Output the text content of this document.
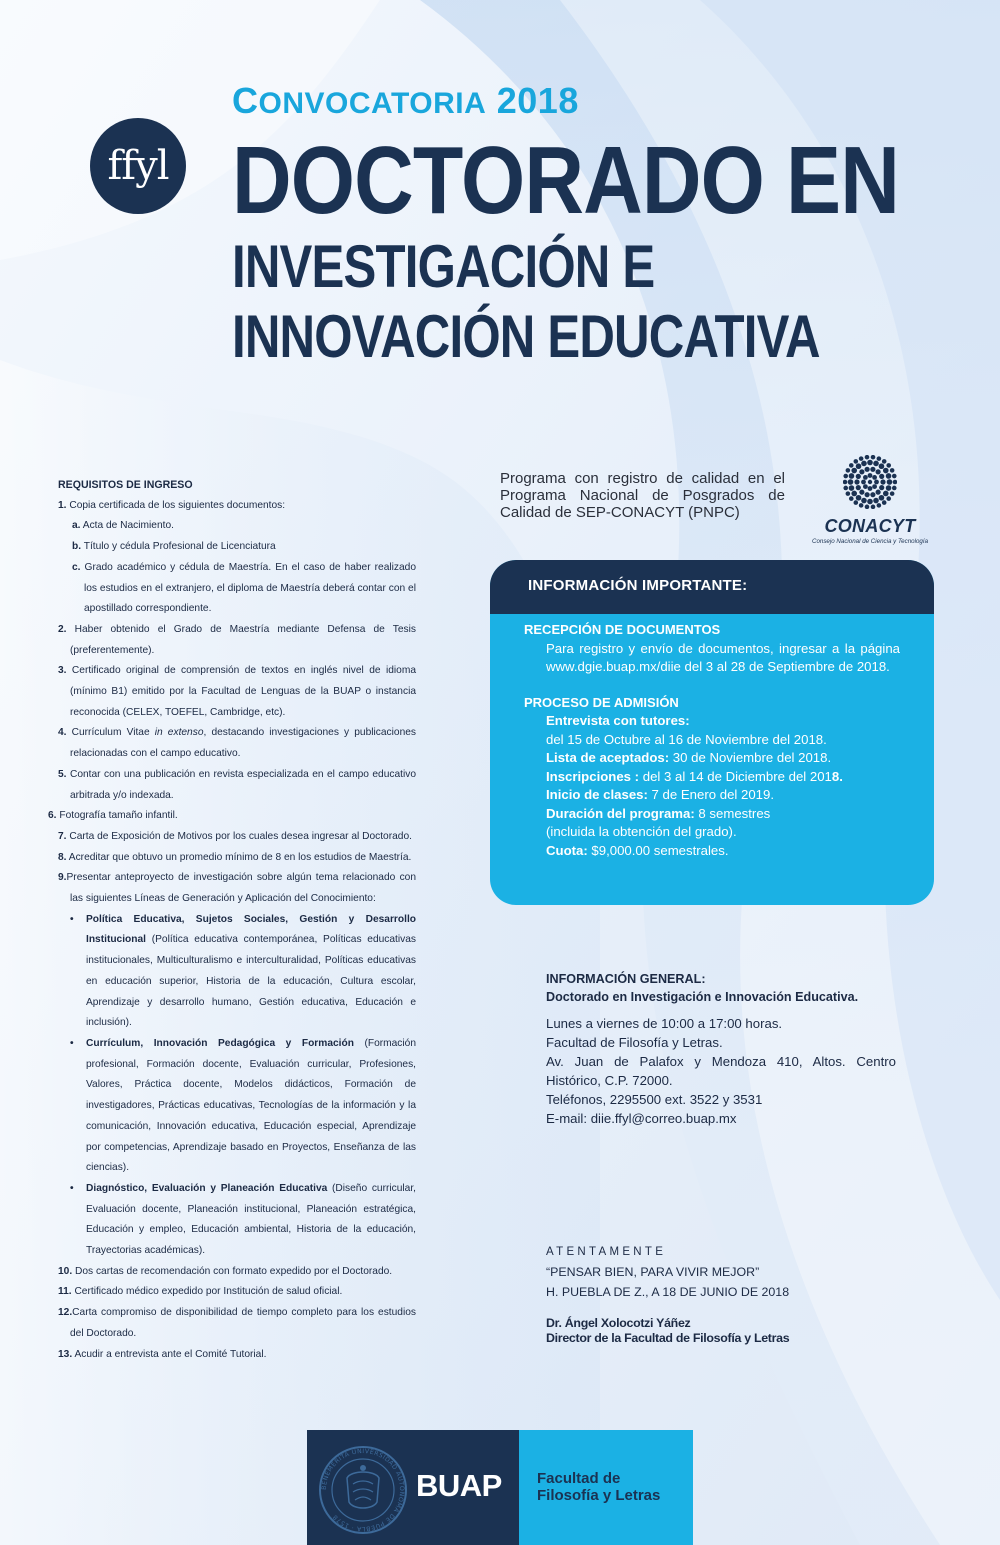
ffyl
CONVOCATORIA 2018
DOCTORADO EN
INVESTIGACIÓN E
INNOVACIÓN EDUCATIVA
REQUISITOS DE INGRESO

1. Copia certificada de los siguientes documentos:

a. Acta de Nacimiento.

b. Título y cédula Profesional de Licenciatura

c. Grado académico y cédula de Maestría. En el caso de haber realizado los estudios en el extranjero, el diploma de Maestría deberá contar con el apostillado correspondiente.

2. Haber obtenido el Grado de Maestría mediante Defensa de Tesis (preferentemente).

3. Certificado original de comprensión de textos en inglés nivel de idioma (mínimo B1) emitido por la Facultad de Lenguas de la BUAP o instancia reconocida (CELEX, TOEFEL, Cambridge, etc).

4. Currículum Vitae in extenso, destacando investigaciones y publicaciones relacionadas con el campo educativo.

5. Contar con una publicación en revista especializada en el campo educativo arbitrada y/o indexada.

6. Fotografía tamaño infantil.

7. Carta de Exposición de Motivos por los cuales desea ingresar al Doctorado.

8. Acreditar que obtuvo un promedio mínimo de 8 en los estudios de Maestría.

9.Presentar anteproyecto de investigación sobre algún tema relacionado con las siguientes Líneas de Generación y Aplicación del Conocimiento:

• Política Educativa, Sujetos Sociales, Gestión y Desarrollo Institucional (Política educativa contemporánea, Políticas educativas institucionales, Multiculturalismo e interculturalidad, Políticas educativas en educación superior, Historia de la educación, Cultura escolar, Aprendizaje y desarrollo humano, Gestión educativa, Educación e inclusión).

• Currículum, Innovación Pedagógica y Formación (Formación profesional, Formación docente, Evaluación curricular, Profesiones, Valores, Práctica docente, Modelos didácticos, Formación de investigadores, Prácticas educativas, Tecnologías de la información y la comunicación, Innovación educativa, Educación especial, Aprendizaje por competencias, Aprendizaje basado en Proyectos, Enseñanza de las ciencias).

• Diagnóstico, Evaluación y Planeación Educativa (Diseño curricular, Evaluación docente, Planeación institucional, Planeación estratégica, Educación y empleo, Educación ambiental, Historia de la educación, Trayectorias académicas).

10. Dos cartas de recomendación con formato expedido por el Doctorado.

11. Certificado médico expedido por Institución de salud oficial.

12.Carta compromiso de disponibilidad de tiempo completo para los estudios del Doctorado.

13. Acudir a entrevista ante el Comité Tutorial.

Programa con registro de calidad en el Programa Nacional de Posgrados de Calidad de SEP-CONACYT (PNPC)
CONACYT
Consejo Nacional de Ciencia y Tecnología
INFORMACIÓN IMPORTANTE:
RECEPCIÓN DE DOCUMENTOS
Para registro y envío de documentos, ingresar a la página www.dgie.buap.mx/diie del 3 al 28 de Septiembre de 2018.
PROCESO DE ADMISIÓN
Entrevista con tutores:
del 15 de Octubre al 16 de Noviembre del 2018.
Lista de aceptados: 30 de Noviembre del 2018.
Inscripciones : del 3 al 14 de Diciembre del 2018.
Inicio de clases: 7 de Enero del 2019.
Duración del programa: 8 semestres
(incluida la obtención del grado).
Cuota: $9,000.00 semestrales.
INFORMACIÓN GENERAL:
Doctorado en Investigación e Innovación Educativa.
Lunes a viernes de 10:00 a 17:00 horas.
Facultad de Filosofía y Letras.
Av. Juan de Palafox y Mendoza 410, Altos. Centro Histórico, C.P. 72000.
Teléfonos, 2295500 ext. 3522 y 3531
E-mail: diie.ffyl@correo.buap.mx
ATENTAMENTE
“PENSAR BIEN, PARA VIVIR MEJOR”
H. PUEBLA DE Z., A 18 DE JUNIO DE 2018
Dr. Ángel Xolocotzi Yáñez
Director de la Facultad de Filosofía y Letras
BENEMÉRITA UNIVERSIDAD AUTÓNOMA DE PUEBLA · 1578
BUAP Facultad de
Filosofía y Letras
